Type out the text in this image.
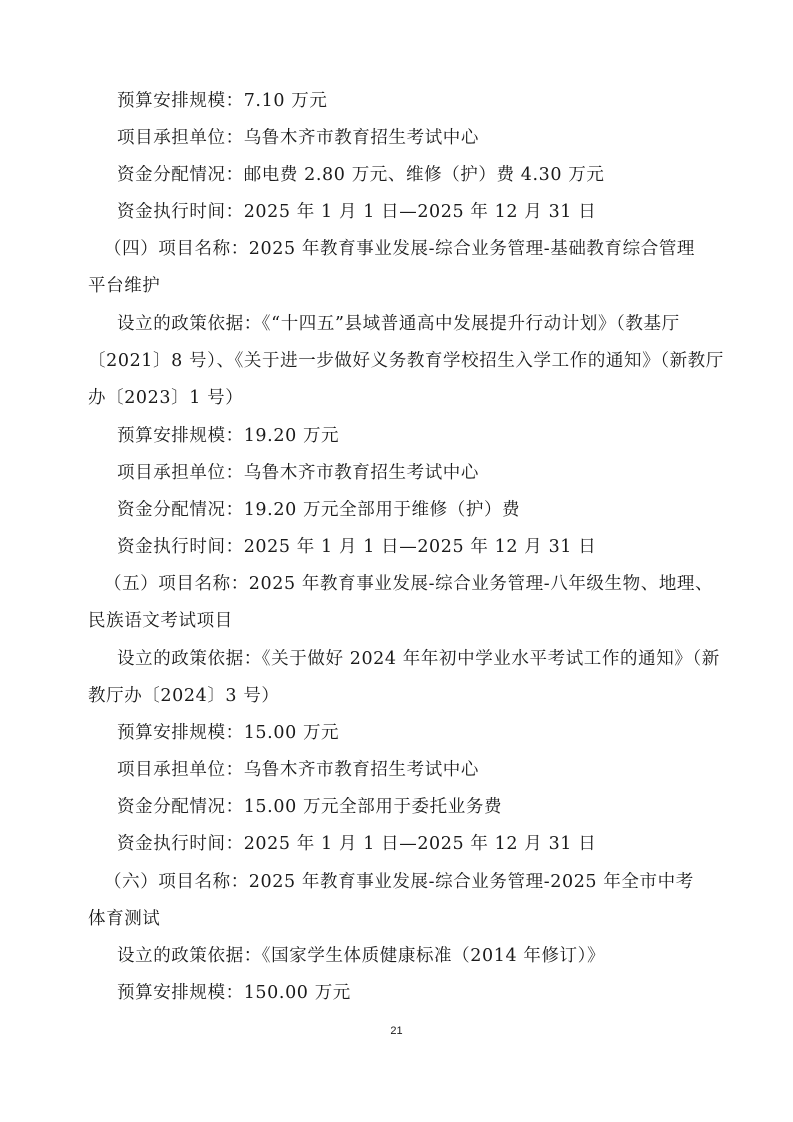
预算安排规模：7.10 万元
项目承担单位：乌鲁木齐市教育招生考试中心
资金分配情况：邮电费 2.80 万元、维修（护）费 4.30 万元
资金执行时间：2025 年 1 月 1 日—2025 年 12 月 31 日
（四）项目名称：2025 年教育事业发展-综合业务管理-基础教育综合管理
平台维护
设立的政策依据：《“十四五”县域普通高中发展提升行动计划》（教基厅
〔2021〕8 号）、《关于进一步做好义务教育学校招生入学工作的通知》（新教厅
办〔2023〕1 号）
预算安排规模：19.20 万元
项目承担单位：乌鲁木齐市教育招生考试中心
资金分配情况：19.20 万元全部用于维修（护）费
资金执行时间：2025 年 1 月 1 日—2025 年 12 月 31 日
（五）项目名称：2025 年教育事业发展-综合业务管理-八年级生物、地理、
民族语文考试项目
设立的政策依据：《关于做好 2024 年年初中学业水平考试工作的通知》（新
教厅办〔2024〕3 号）
预算安排规模：15.00 万元
项目承担单位：乌鲁木齐市教育招生考试中心
资金分配情况：15.00 万元全部用于委托业务费
资金执行时间：2025 年 1 月 1 日—2025 年 12 月 31 日
（六）项目名称：2025 年教育事业发展-综合业务管理-2025 年全市中考
体育测试
设立的政策依据：《国家学生体质健康标准（2014 年修订）》
预算安排规模：150.00 万元
21
